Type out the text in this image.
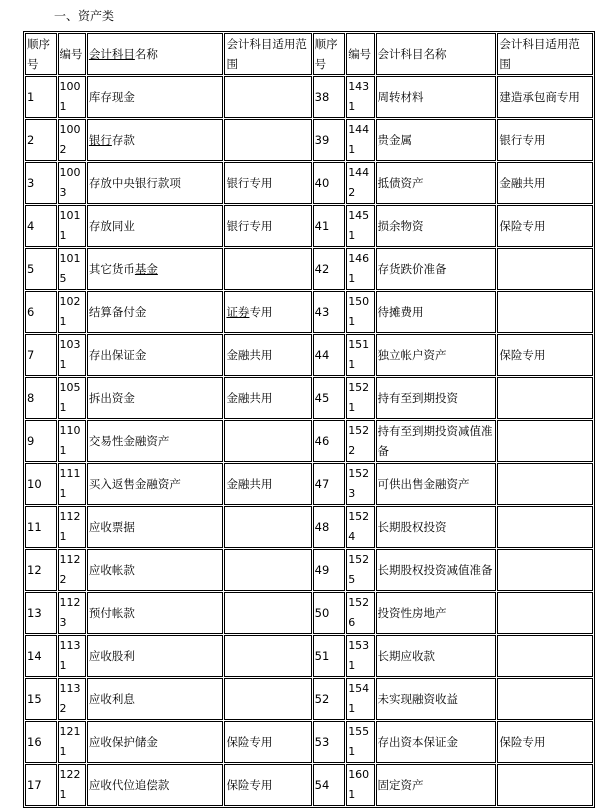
一、资产类
顺序号	编号	会计科目名称	会计科目适用范围	顺序号	编号	会计科目名称	会计科目适用范围
1	1001	库存现金		38	1431	周转材料	建造承包商专用
2	1002	银行存款		39	1441	贵金属	银行专用
3	1003	存放中央银行款项	银行专用	40	1442	抵债资产	金融共用
4	1011	存放同业	银行专用	41	1451	损余物资	保险专用
5	1015	其它货币基金		42	1461	存货跌价准备	
6	1021	结算备付金	证券专用	43	1501	待摊费用	
7	1031	存出保证金	金融共用	44	1511	独立帐户资产	保险专用
8	1051	拆出资金	金融共用	45	1521	持有至到期投资	
9	1101	交易性金融资产		46	1522	持有至到期投资减值准备	
10	1111	买入返售金融资产	金融共用	47	1523	可供出售金融资产	
11	1121	应收票据		48	1524	长期股权投资	
12	1122	应收帐款		49	1525	长期股权投资减值准备	
13	1123	预付帐款		50	1526	投资性房地产	
14	1131	应收股利		51	1531	长期应收款	
15	1132	应收利息		52	1541	未实现融资收益	
16	1211	应收保护储金	保险专用	53	1551	存出资本保证金	保险专用
17	1221	应收代位追偿款	保险专用	54	1601	固定资产	
